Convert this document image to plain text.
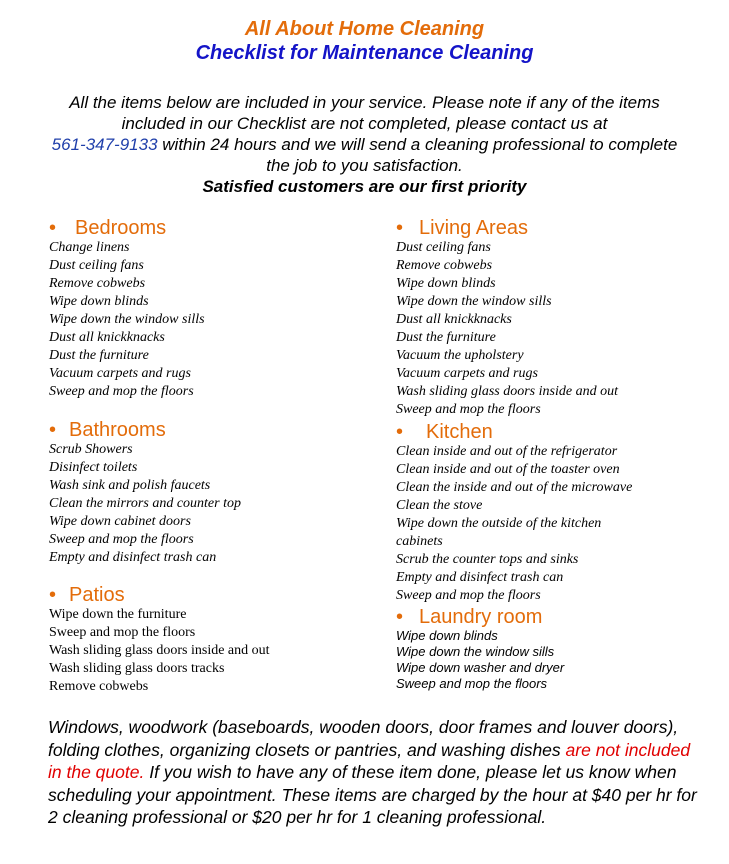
All About Home Cleaning
Checklist for Maintenance Cleaning
All the items below are included in your service. Please note if any of the items included in our Checklist are not completed, please contact us at
561-347-9133 within 24 hours and we will send a cleaning professional to complete the job to you satisfaction.
Satisfied customers are our first priority
• Bedrooms
Change linens
Dust ceiling fans
Remove cobwebs
Wipe down blinds
Wipe down the window sills
Dust all knickknacks
Dust the furniture
Vacuum carpets and rugs
Sweep and mop the floors
• Bathrooms
Scrub Showers
Disinfect toilets
Wash sink and polish faucets
Clean the mirrors and counter top
Wipe down cabinet doors
Sweep and mop the floors
Empty and disinfect trash can
• Patios
Wipe down the furniture
Sweep and mop the floors
Wash sliding glass doors inside and out
Wash sliding glass doors tracks
Remove cobwebs
• Living Areas
Dust ceiling fans
Remove cobwebs
Wipe down blinds
Wipe down the window sills
Dust all knickknacks
Dust the furniture
Vacuum the upholstery
Vacuum carpets and rugs
Wash sliding glass doors inside and out
Sweep and mop the floors
• Kitchen
Clean inside and out of the refrigerator
Clean inside and out of the toaster oven
Clean the inside and out of the microwave
Clean the stove
Wipe down the outside of the kitchen
cabinets
Scrub the counter tops and sinks
Empty and disinfect trash can
Sweep and mop the floors
• Laundry room
Wipe down blinds
Wipe down the window sills
Wipe down washer and dryer
Sweep and mop the floors
Windows, woodwork (baseboards, wooden doors, door frames and louver doors), folding clothes, organizing closets or pantries, and washing dishes are not included in the quote. If you wish to have any of these item done, please let us know when scheduling your appointment. These items are charged by the hour at $40 per hr for 2 cleaning professional or $20 per hr for 1 cleaning professional.
